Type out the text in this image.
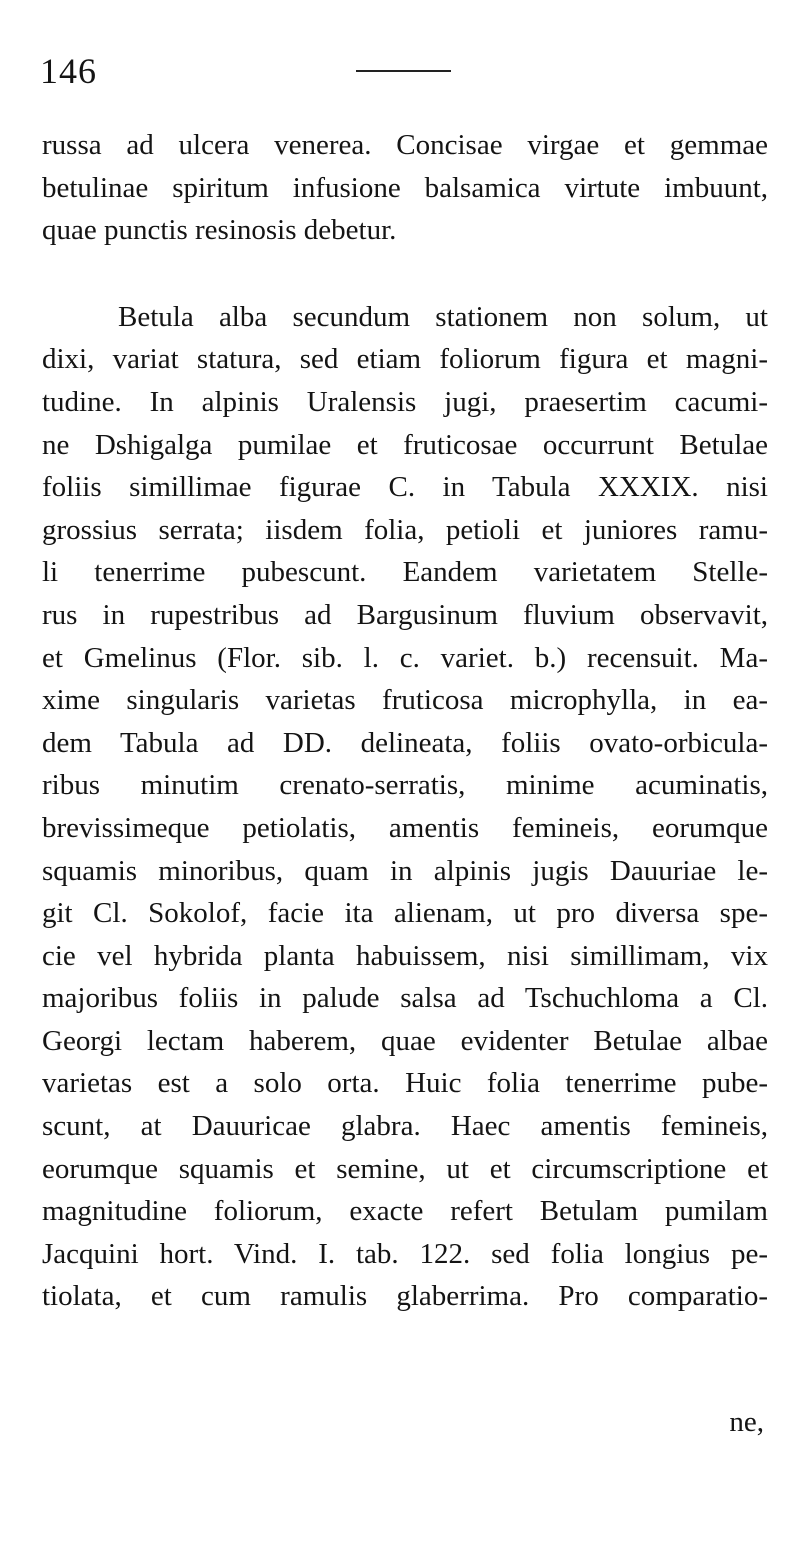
146

russa ad ulcera venerea. Concisae virgae et gemmae
betulinae spiritum infusione balsamica virtute imbuunt,
quae punctis resinosis debetur.

Betula alba secundum stationem non solum, ut
dixi, variat statura, sed etiam foliorum figura et magni-
tudine. In alpinis Uralensis jugi, praesertim cacumi-
ne Dshigalga pumilae et fruticosae occurrunt Betulae
foliis simillimae figurae C. in Tabula XXXIX. nisi
grossius serrata; iisdem folia, petioli et juniores ramu-
li tenerrime pubescunt. Eandem varietatem Stelle-
rus in rupestribus ad Bargusinum fluvium observavit,
et Gmelinus (Flor. sib. l. c. variet. b.) recensuit. Ma-
xime singularis varietas fruticosa microphylla, in ea-
dem Tabula ad DD. delineata, foliis ovato-orbicula-
ribus minutim crenato-serratis, minime acuminatis,
brevissimeque petiolatis, amentis femineis, eorumque
squamis minoribus, quam in alpinis jugis Dauuriae le-
git Cl. Sokolof, facie ita alienam, ut pro diversa spe-
cie vel hybrida planta habuissem, nisi simillimam, vix
majoribus foliis in palude salsa ad Tschuchloma a Cl.
Georgi lectam haberem, quae evidenter Betulae albae
varietas est a solo orta. Huic folia tenerrime pube-
scunt, at Dauuricae glabra. Haec amentis femineis,
eorumque squamis et semine, ut et circumscriptione et
magnitudine foliorum, exacte refert Betulam pumilam
Jacquini hort. Vind. I. tab. 122. sed folia longius pe-
tiolata, et cum ramulis glaberrima. Pro comparatio-

ne,
